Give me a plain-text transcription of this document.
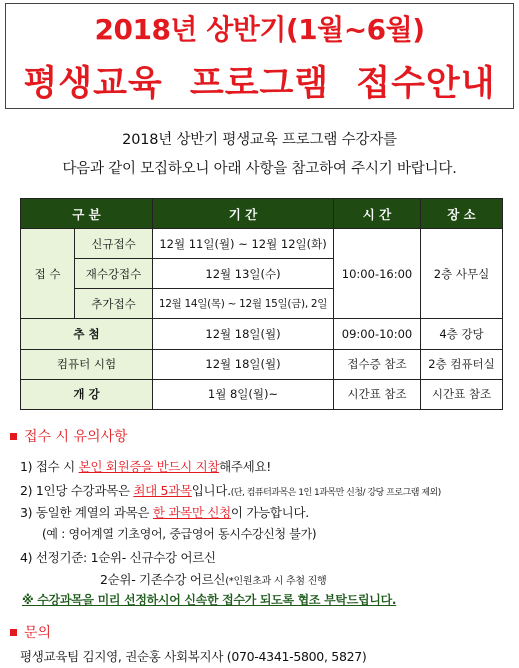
2018년 상반기(1월~6월)
평생교육 프로그램 접수안내
2018년 상반기 평생교육 프로그램 수강자를
다음과 같이 모집하오니 아래 사항을 참고하여 주시기 바랍니다.
구 분		기 간	시 간	장 소
접 수	신규접수	12월 11일(월) ~ 12월 12일(화)	10:00-16:00	2층 사무실
	재수강접수	12월 13일(수)		
	추가접수	12월 14일(목) ~ 12월 15일(금), 2일		
추 첨		12월 18일(월)	09:00-10:00	4층 강당
컴퓨터 시험		12월 18일(월)	접수증 참조	2층 컴퓨터실
개 강		1월 8일(월)~	시간표 참조	시간표 참조
접수 시 유의사항
1) 접수 시 본인 회원증을 반드시 지참해주세요!
2) 1인당 수강과목은 최대 5과목입니다.(단, 컴퓨터과목은 1인 1과목만 신청/ 강당 프로그램 제외)
3) 동일한 계열의 과목은 한 과목만 신청이 가능합니다.
(예 : 영어계열 기초영어, 중급영어 동시수강신청 불가)
4) 선정기준: 1순위- 신규수강 어르신
2순위- 기존수강 어르신(*인원초과 시 추첨 진행
※ 수강과목을 미리 선정하시어 신속한 접수가 되도록 협조 부탁드립니다.
문의
평생교육팀 김지영, 권순홍 사회복지사 (070-4341-5800, 5827)
